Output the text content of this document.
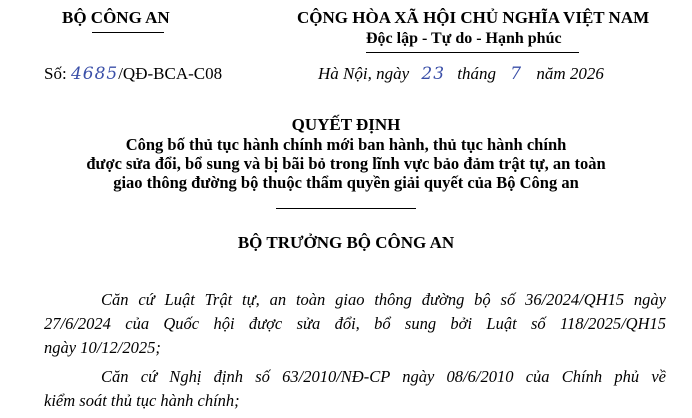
BỘ CÔNG AN	CỘNG HÒA XÃ HỘI CHỦ NGHĨA VIỆT NAM
Độc lập - Tự do - Hạnh phúc
Số: 4685/QĐ-BCA-C08	Hà Nội, ngày 23 tháng 7 năm 2026
QUYẾT ĐỊNH
Công bố thủ tục hành chính mới ban hành, thủ tục hành chính
được sửa đổi, bổ sung và bị bãi bỏ trong lĩnh vực bảo đảm trật tự, an toàn
giao thông đường bộ thuộc thẩm quyền giải quyết của Bộ Công an
BỘ TRƯỞNG BỘ CÔNG AN
Căn cứ Luật Trật tự, an toàn giao thông đường bộ số 36/2024/QH15 ngày
27/6/2024 của Quốc hội được sửa đổi, bổ sung bởi Luật số 118/2025/QH15
ngày 10/12/2025;
Căn cứ Nghị định số 63/2010/NĐ-CP ngày 08/6/2010 của Chính phủ về
kiểm soát thủ tục hành chính;
